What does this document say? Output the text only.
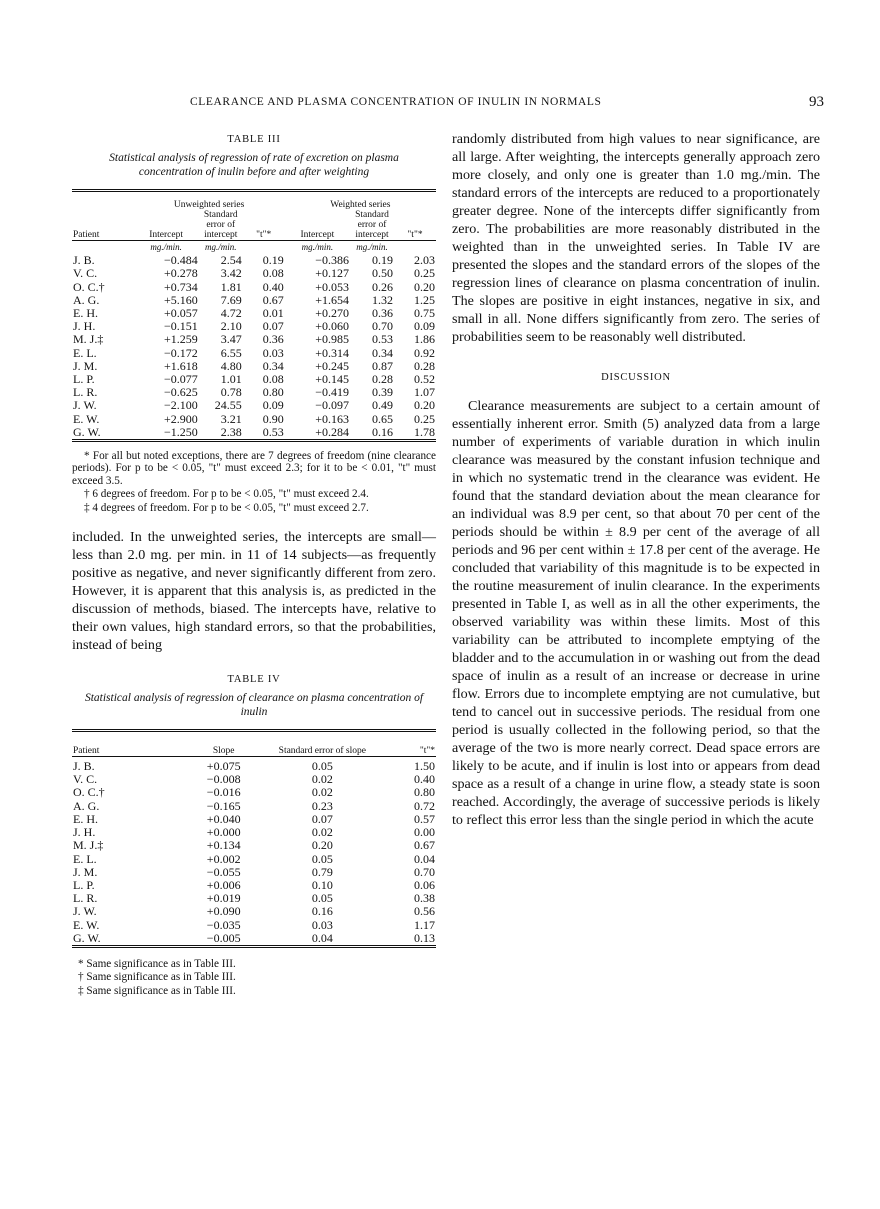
CLEARANCE AND PLASMA CONCENTRATION OF INULIN IN NORMALS	93
TABLE III
Statistical analysis of regression of rate of excretion on plasma concentration of inulin before and after weighting
	Unweighted series			Weighted series		
Patient	Intercept	Standard error of intercept	"t"*	Intercept	Standard error of intercept	"t"*
	mg./min.	mg./min.		mg./min.	mg./min.	
J. B.	−0.484	2.54	0.19	−0.386	0.19	2.03
V. C.	+0.278	3.42	0.08	+0.127	0.50	0.25
O. C.†	+0.734	1.81	0.40	+0.053	0.26	0.20
A. G.	+5.160	7.69	0.67	+1.654	1.32	1.25
E. H.	+0.057	4.72	0.01	+0.270	0.36	0.75
J. H.	−0.151	2.10	0.07	+0.060	0.70	0.09
M. J.‡	+1.259	3.47	0.36	+0.985	0.53	1.86
E. L.	−0.172	6.55	0.03	+0.314	0.34	0.92
J. M.	+1.618	4.80	0.34	+0.245	0.87	0.28
L. P.	−0.077	1.01	0.08	+0.145	0.28	0.52
L. R.	−0.625	0.78	0.80	−0.419	0.39	1.07
J. W.	−2.100	24.55	0.09	−0.097	0.49	0.20
E. W.	+2.900	3.21	0.90	+0.163	0.65	0.25
G. W.	−1.250	2.38	0.53	+0.284	0.16	1.78

* For all but noted exceptions, there are 7 degrees of freedom (nine clearance periods). For p to be < 0.05, "t" must exceed 2.3; for it to be < 0.01, "t" must exceed 3.5.

† 6 degrees of freedom. For p to be < 0.05, "t" must exceed 2.4.

‡ 4 degrees of freedom. For p to be < 0.05, "t" must exceed 2.7.

included. In the unweighted series, the intercepts are small—less than 2.0 mg. per min. in 11 of 14 subjects—as frequently positive as negative, and never significantly different from zero. However, it is apparent that this analysis is, as predicted in the discussion of methods, biased. The intercepts have, relative to their own values, high standard errors, so that the probabilities, instead of being

TABLE IV
Statistical analysis of regression of clearance on plasma concentration of inulin
Patient	Slope	Standard error of slope	"t"*

J. B.	+0.075	0.05	1.50
V. C.	−0.008	0.02	0.40
O. C.†	−0.016	0.02	0.80
A. G.	−0.165	0.23	0.72
E. H.	+0.040	0.07	0.57
J. H.	+0.000	0.02	0.00
M. J.‡	+0.134	0.20	0.67
E. L.	+0.002	0.05	0.04
J. M.	−0.055	0.79	0.70
L. P.	+0.006	0.10	0.06
L. R.	+0.019	0.05	0.38
J. W.	+0.090	0.16	0.56
E. W.	−0.035	0.03	1.17
G. W.	−0.005	0.04	0.13

* Same significance as in Table III.

† Same significance as in Table III.

‡ Same significance as in Table III.

randomly distributed from high values to near significance, are all large. After weighting, the intercepts generally approach zero more closely, and only one is greater than 1.0 mg./min. The standard errors of the intercepts are reduced to a proportionately greater degree. None of the intercepts differ significantly from zero. The probabilities are more reasonably distributed in the weighted than in the unweighted series. In Table IV are presented the slopes and the standard errors of the slopes of the regression lines of clearance on plasma concentration of inulin. The slopes are positive in eight instances, negative in six, and small in all. None differs significantly from zero. The series of probabilities seem to be reasonably well distributed.

DISCUSSION

Clearance measurements are subject to a certain amount of essentially inherent error. Smith (5) analyzed data from a large number of experiments of variable duration in which inulin clearance was measured by the constant infusion technique and in which no systematic trend in the clearance was evident. He found that the standard deviation about the mean clearance for an individual was 8.9 per cent, so that about 70 per cent of the periods should be within ± 8.9 per cent of the average of all periods and 96 per cent within ± 17.8 per cent of the average. He concluded that variability of this magnitude is to be expected in the routine measurement of inulin clearance. In the experiments presented in Table I, as well as in all the other experiments, the observed variability was within these limits. Most of this variability can be attributed to incomplete emptying of the bladder and to the accumulation in or washing out from the dead space of inulin as a result of an increase or decrease in urine flow. Errors due to incomplete emptying are not cumulative, but tend to cancel out in successive periods. The residual from one period is usually collected in the following period, so that the average of the two is more nearly correct. Dead space errors are likely to be acute, and if inulin is lost into or appears from dead space as a result of a change in urine flow, a steady state is soon reached. Accordingly, the average of successive periods is likely to reflect this error less than the single period in which the acute
